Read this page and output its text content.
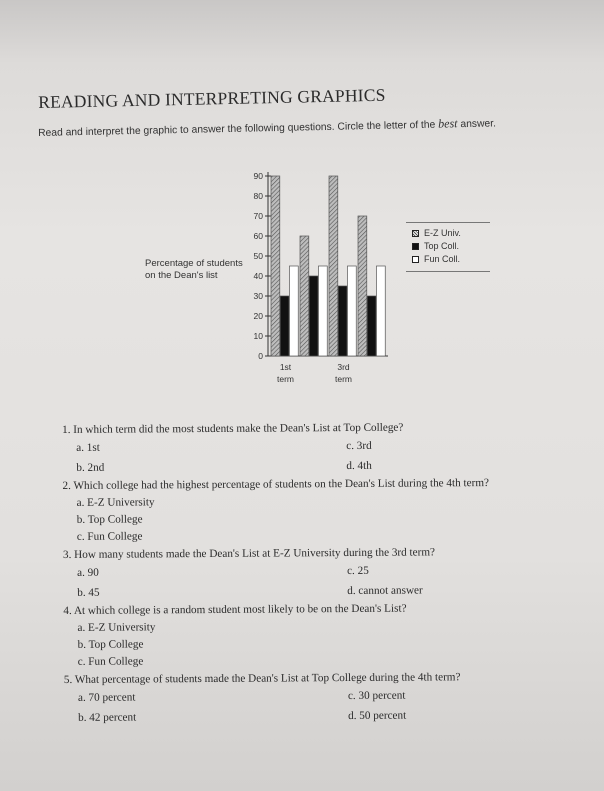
READING AND INTERPRETING GRAPHICS
Read and interpret the graphic to answer the following questions. Circle the letter of the best answer.
Percentage of students
on the Dean's list
90
80
70
60
50
40
30
20
10
0
1st
term
3rd
term
E-Z Univ.
Top Coll.
Fun Coll.
1. In which term did the most students make the Dean's List at Top College?
a. 1st	c. 3rd
b. 2nd	d. 4th
2. Which college had the highest percentage of students on the Dean's List during the 4th term?
a. E-Z University
b. Top College
c. Fun College
3. How many students made the Dean's List at E-Z University during the 3rd term?
a. 90	c. 25
b. 45	d. cannot answer
4. At which college is a random student most likely to be on the Dean's List?
a. E-Z University
b. Top College
c. Fun College
5. What percentage of students made the Dean's List at Top College during the 4th term?
a. 70 percent	c. 30 percent
b. 42 percent	d. 50 percent
